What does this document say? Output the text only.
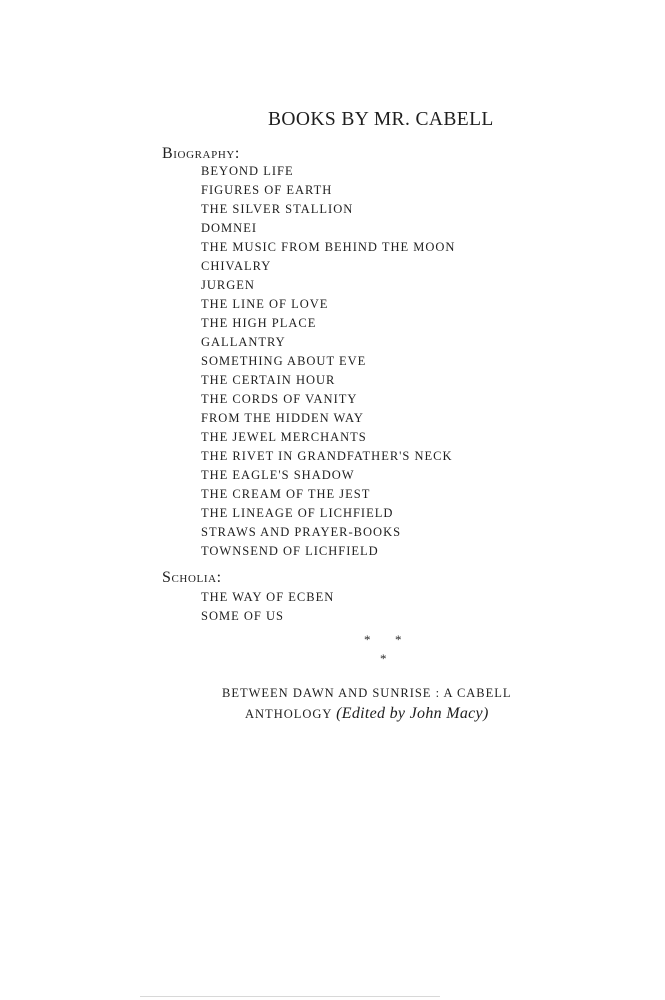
BOOKS BY MR. CABELL
Biography:
BEYOND LIFE
FIGURES OF EARTH
THE SILVER STALLION
DOMNEI
THE MUSIC FROM BEHIND THE MOON
CHIVALRY
JURGEN
THE LINE OF LOVE
THE HIGH PLACE
GALLANTRY
SOMETHING ABOUT EVE
THE CERTAIN HOUR
THE CORDS OF VANITY
FROM THE HIDDEN WAY
THE JEWEL MERCHANTS
THE RIVET IN GRANDFATHER'S NECK
THE EAGLE'S SHADOW
THE CREAM OF THE JEST
THE LINEAGE OF LICHFIELD
STRAWS AND PRAYER-BOOKS
TOWNSEND OF LICHFIELD
Scholia:
THE WAY OF ECBEN
SOME OF US
* *
*
BETWEEN DAWN AND SUNRISE : A CABELL
ANTHOLOGY (Edited by John Macy)
